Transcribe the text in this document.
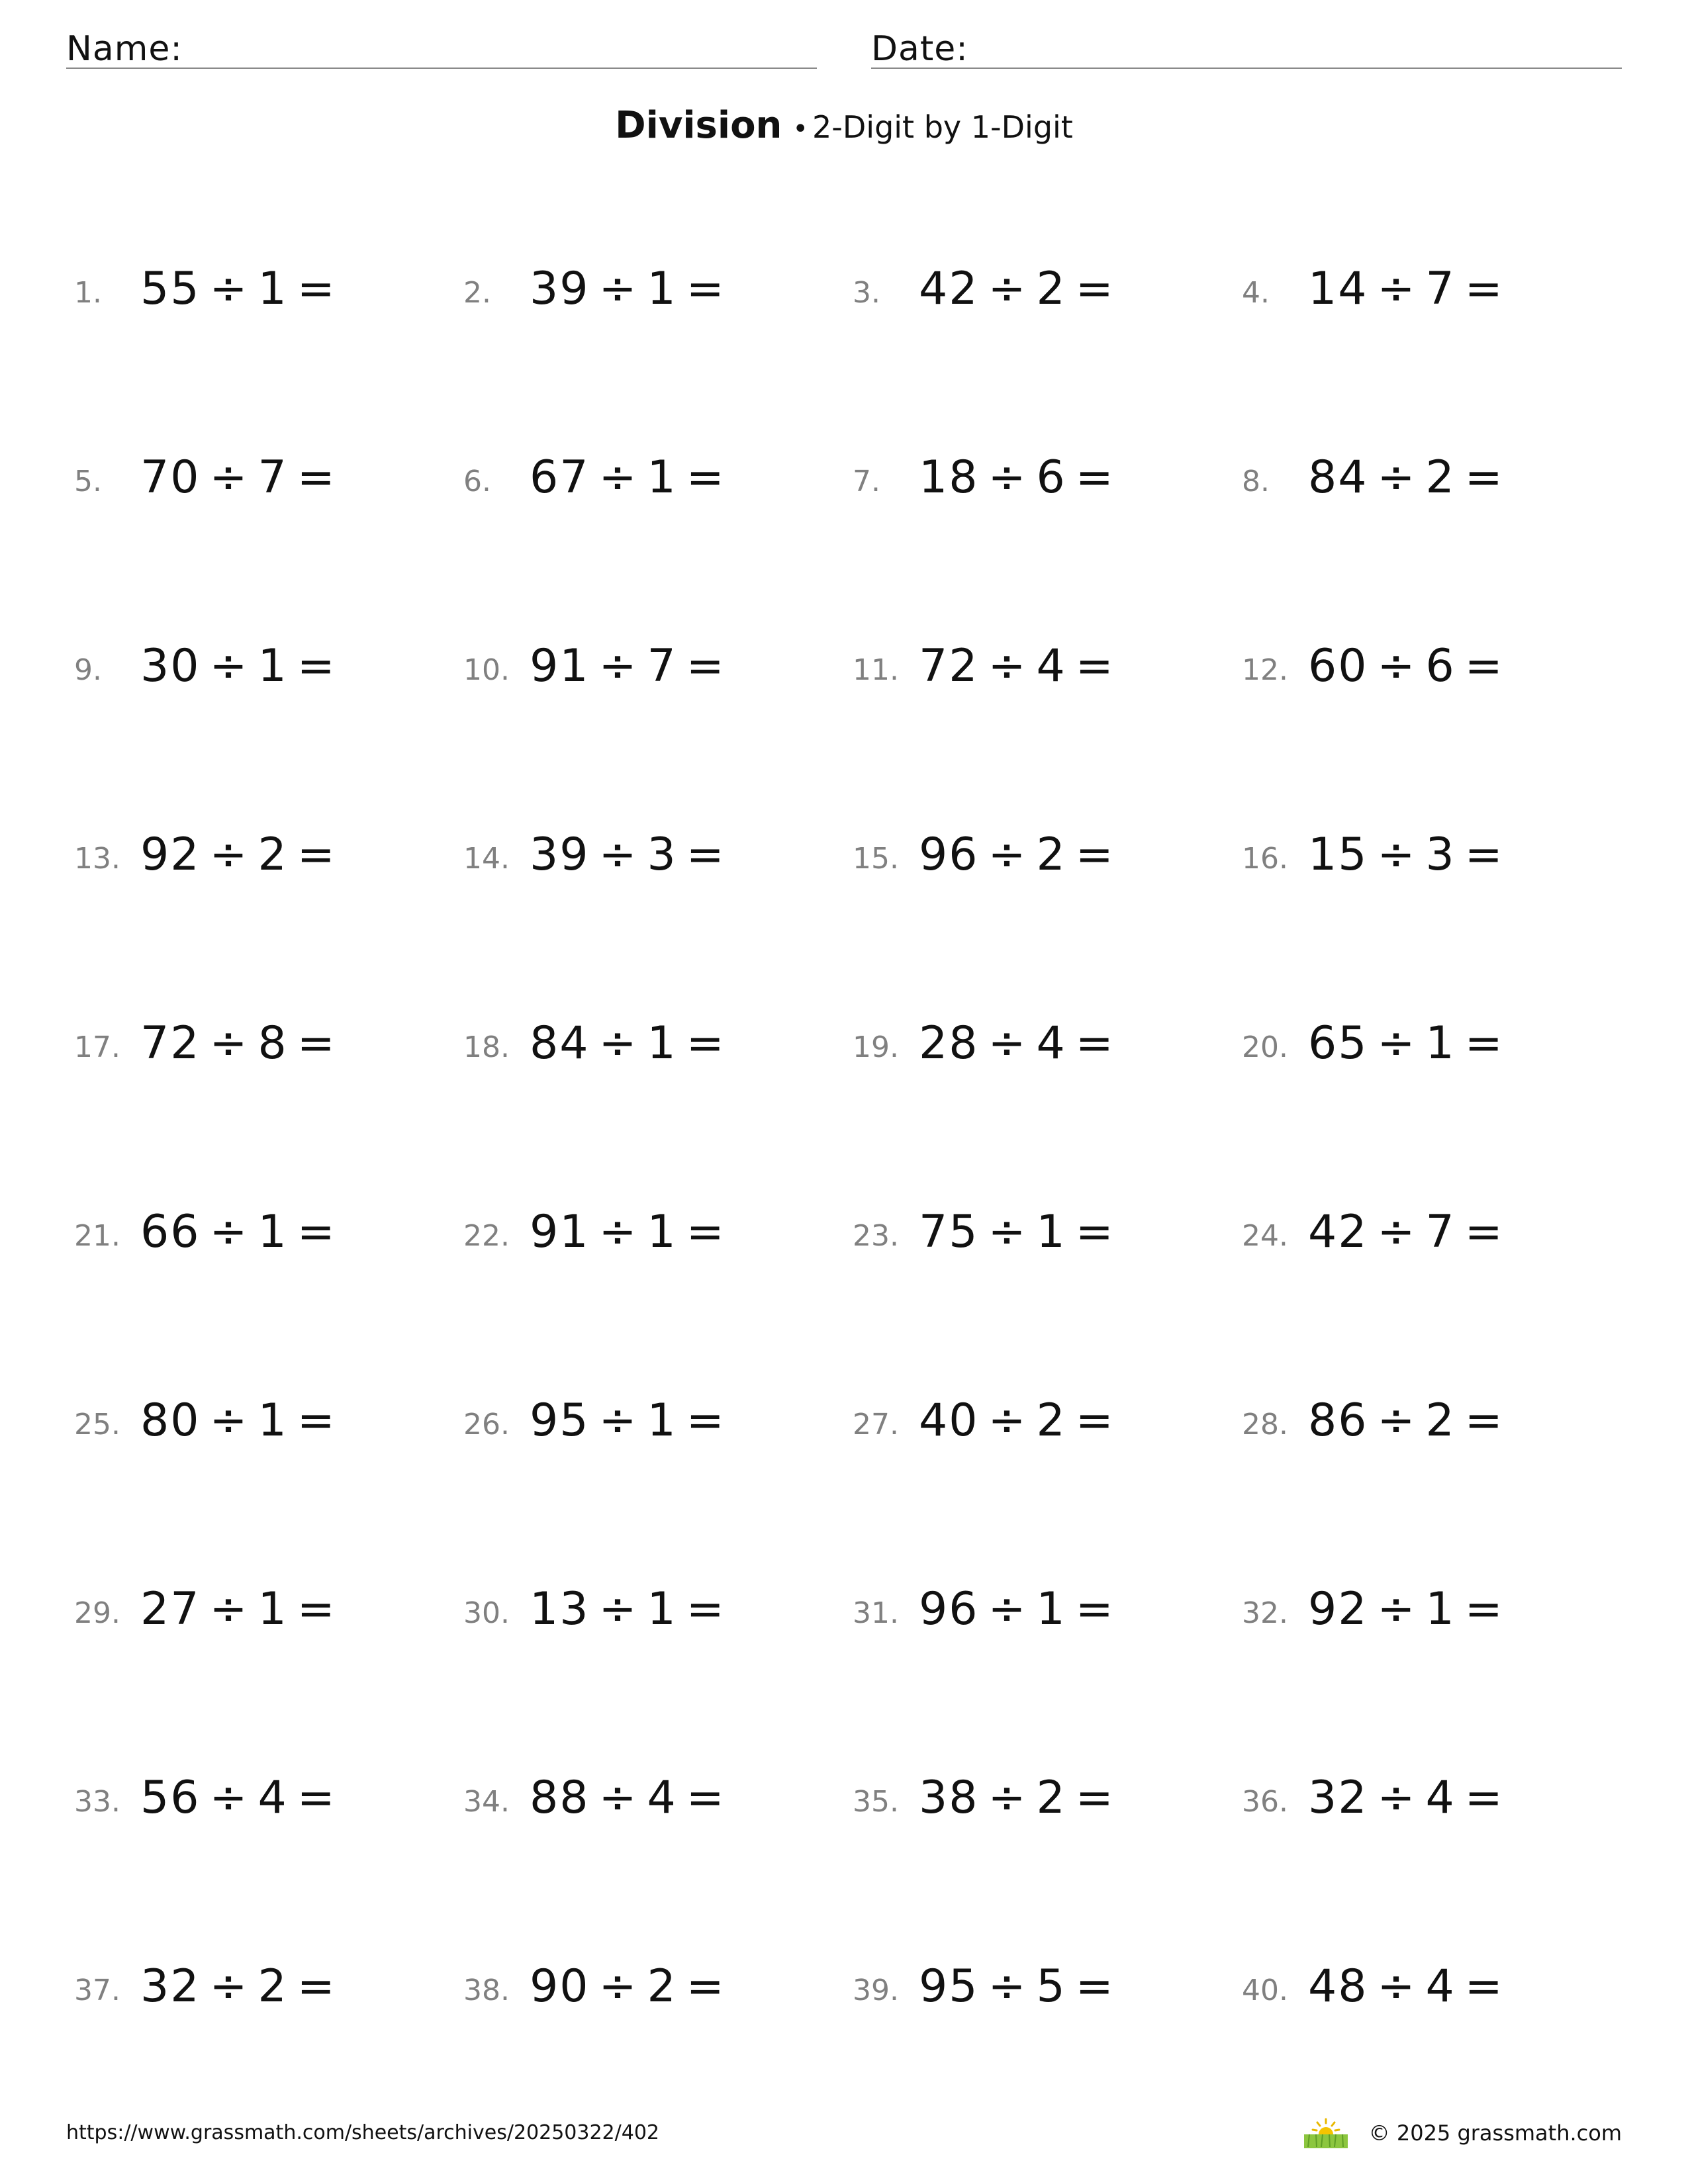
Name:	Date:
Division • 2-Digit by 1-Digit
1. 55 ÷ 1 =	2. 39 ÷ 1 =	3. 42 ÷ 2 =	4. 14 ÷ 7 =
5. 70 ÷ 7 =	6. 67 ÷ 1 =	7. 18 ÷ 6 =	8. 84 ÷ 2 =
9. 30 ÷ 1 =	10. 91 ÷ 7 =	11. 72 ÷ 4 =	12. 60 ÷ 6 =
13. 92 ÷ 2 =	14. 39 ÷ 3 =	15. 96 ÷ 2 =	16. 15 ÷ 3 =
17. 72 ÷ 8 =	18. 84 ÷ 1 =	19. 28 ÷ 4 =	20. 65 ÷ 1 =
21. 66 ÷ 1 =	22. 91 ÷ 1 =	23. 75 ÷ 1 =	24. 42 ÷ 7 =
25. 80 ÷ 1 =	26. 95 ÷ 1 =	27. 40 ÷ 2 =	28. 86 ÷ 2 =
29. 27 ÷ 1 =	30. 13 ÷ 1 =	31. 96 ÷ 1 =	32. 92 ÷ 1 =
33. 56 ÷ 4 =	34. 88 ÷ 4 =	35. 38 ÷ 2 =	36. 32 ÷ 4 =
37. 32 ÷ 2 =	38. 90 ÷ 2 =	39. 95 ÷ 5 =	40. 48 ÷ 4 =
https://www.grassmath.com/sheets/archives/20250322/402	© 2025 grassmath.com
